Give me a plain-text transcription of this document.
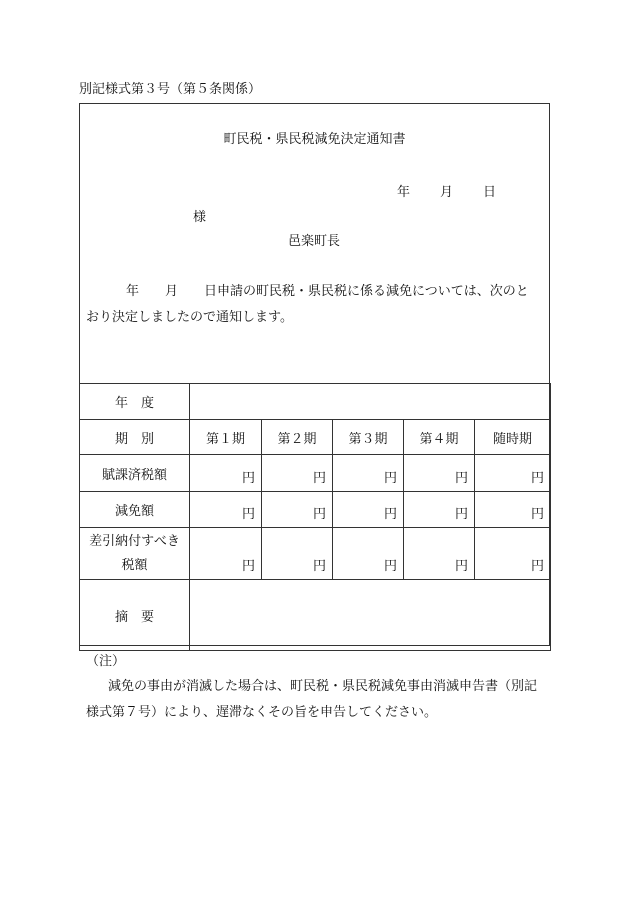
別記様式第３号（第５条関係）
町民税・県民税減免決定通知書
年 月 日
様
邑楽町長
年　　月　　日申請の町民税・県民税に係る減免については、次のと
おり決定しましたので通知します。
年　度					
期　別	第１期	第２期	第３期	第４期	随時期
賦課済税額	円	円	円	円	円
減免額	円	円	円	円	円

差引納付すべき
税額	円	円	円	円	円
摘　要					
（注）
減免の事由が消滅した場合は、町民税・県民税減免事由消滅申告書（別記
様式第７号）により、遅滞なくその旨を申告してください。
